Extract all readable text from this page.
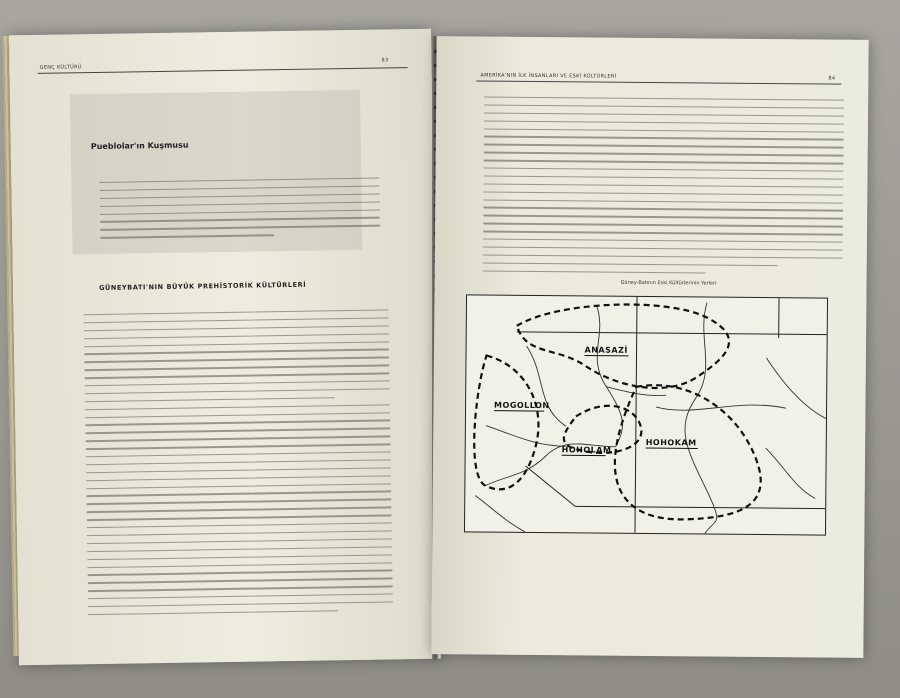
GENÇ KÜLTÜRÜ
83
Pueblolar'ın Kuşmusu
GÜNEYBATI'NIN BÜYÜK PREHİSTORİK KÜLTÜRLERİ
AMERİKA'NIN İLK İNSANLARI VE ESKİ KÜLTÜRLERİ	84
Güney-Batının Eski Kültürlerinin Yerleri
ANASAZİ
MOGOLLON
HOHOKAM
HOHOLAM
